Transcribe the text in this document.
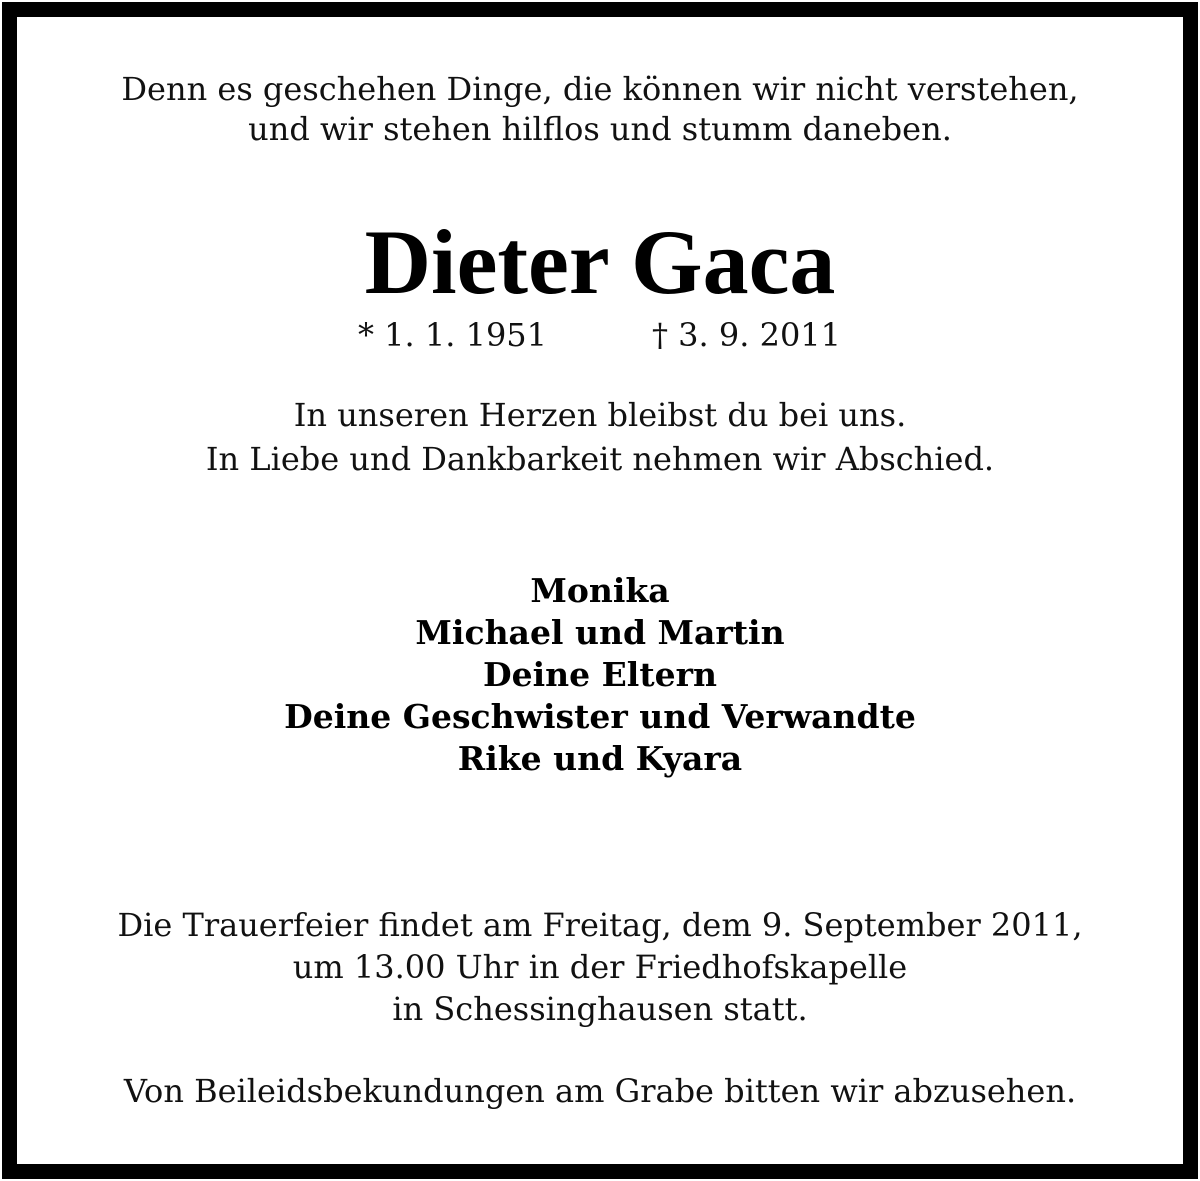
Denn es geschehen Dinge, die können wir nicht verstehen,
und wir stehen hilflos und stumm daneben.
Dieter Gaca
* 1. 1. 1951	† 3. 9. 2011
In unseren Herzen bleibst du bei uns.
In Liebe und Dankbarkeit nehmen wir Abschied.
Monika
Michael und Martin
Deine Eltern
Deine Geschwister und Verwandte
Rike und Kyara
Die Trauerfeier findet am Freitag, dem 9. September 2011,
um 13.00 Uhr in der Friedhofskapelle
in Schessinghausen statt.
Von Beileidsbekundungen am Grabe bitten wir abzusehen.
